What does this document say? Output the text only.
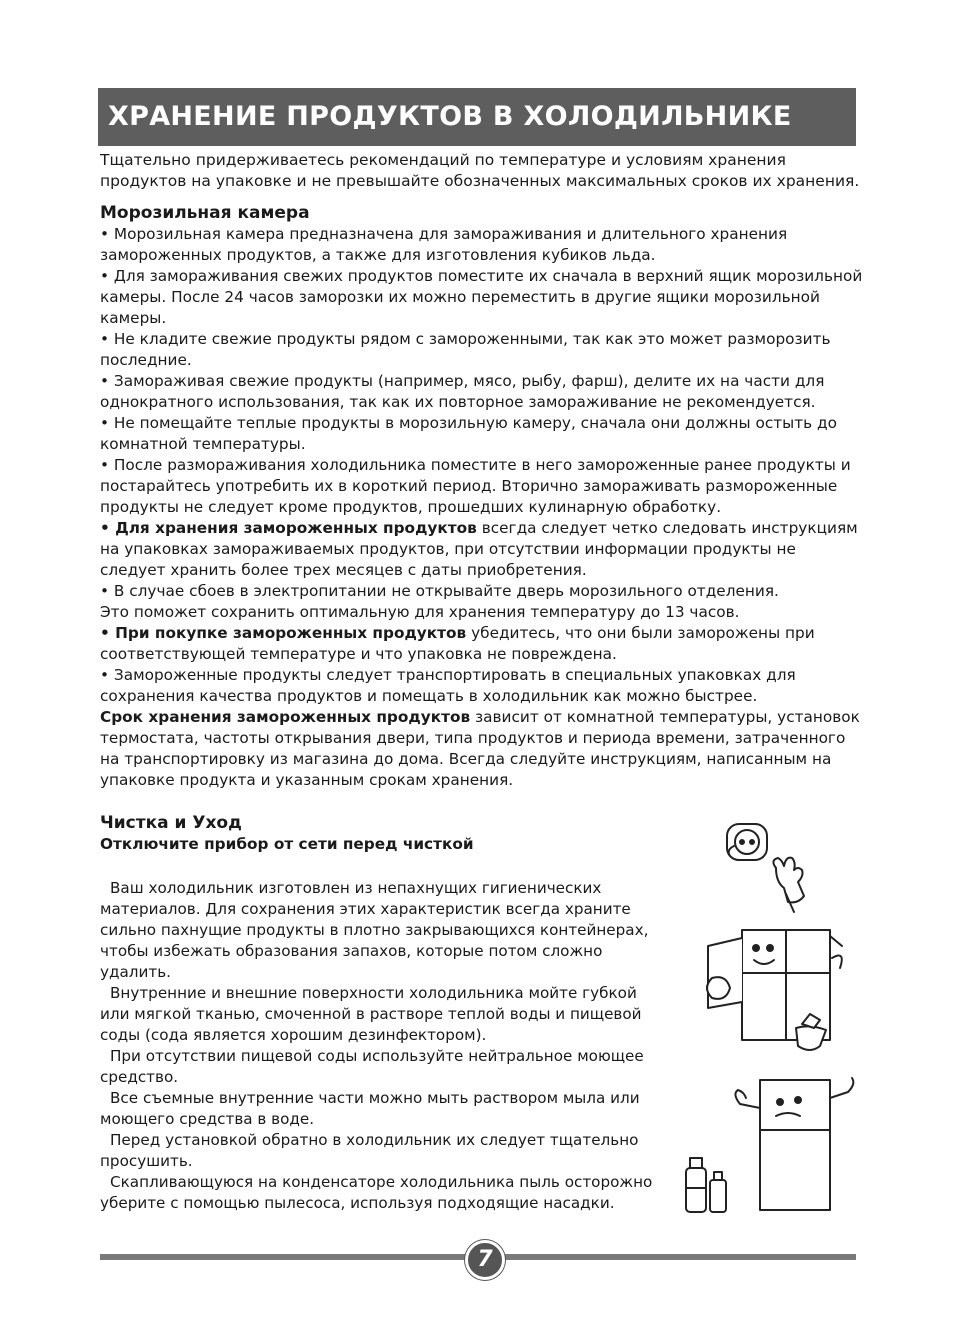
ХРАНЕНИЕ ПРОДУКТОВ В ХОЛОДИЛЬНИКЕ

Тщательно придерживаетесь рекомендаций по температуре и условиям хранения продуктов на упаковке и не превышайте обозначенных максимальных сроков их хранения.

Морозильная камера

• Морозильная камера предназначена для замораживания и длительного хранения замороженных продуктов, а также для изготовления кубиков льда.

• Для замораживания свежих продуктов поместите их сначала в верхний ящик морозильной камеры. После 24 часов заморозки их можно переместить в другие ящики морозильной камеры.

• Не кладите свежие продукты рядом с замороженными, так как это может разморозить последние.

• Замораживая свежие продукты (например, мясо, рыбу, фарш), делите их на части для однократного использования, так как их повторное замораживание не рекомендуется.

• Не помещайте теплые продукты в морозильную камеру, сначала они должны остыть до комнатной температуры.

• После размораживания холодильника поместите в него замороженные ранее продукты и постарайтесь употребить их в короткий период. Вторично замораживать размороженные продукты не следует кроме продуктов, прошедших кулинарную обработку.

• Для хранения замороженных продуктов всегда следует четко следовать инструкциям на упаковках замораживаемых продуктов, при отсутствии информации продукты не следует хранить более трех месяцев с даты приобретения.

• В случае сбоев в электропитании не открывайте дверь морозильного отделения.

Это поможет сохранить оптимальную для хранения температуру до 13 часов.

• При покупке замороженных продуктов убедитесь, что они были заморожены при соответствующей температуре и что упаковка не повреждена.

• Замороженные продукты следует транспортировать в специальных упаковках для сохранения качества продуктов и помещать в холодильник как можно быстрее.

Срок хранения замороженных продуктов зависит от комнатной температуры, установок термостата, частоты открывания двери, типа продуктов и периода времени, затраченного на транспортировку из магазина до дома. Всегда следуйте инструкциям, написанным на упаковке продукта и указанным срокам хранения.

Чистка и Уход

Отключите прибор от сети перед чисткой

Ваш холодильник изготовлен из непахнущих гигиенических материалов. Для сохранения этих характеристик всегда храните сильно пахнущие продукты в плотно закрывающихся контейнерах, чтобы избежать образования запахов, которые потом сложно удалить.

Внутренние и внешние поверхности холодильника мойте губкой или мягкой тканью, смоченной в растворе теплой воды и пищевой соды (сода является хорошим дезинфектором).

При отсутствии пищевой соды используйте нейтральное моющее средство.

Все съемные внутренние части можно мыть раствором мыла или моющего средства в воде.

Перед установкой обратно в холодильник их следует тщательно просушить.

Скапливающуюся на конденсаторе холодильника пыль осторожно уберите с помощью пылесоса, используя подходящие насадки.

7
